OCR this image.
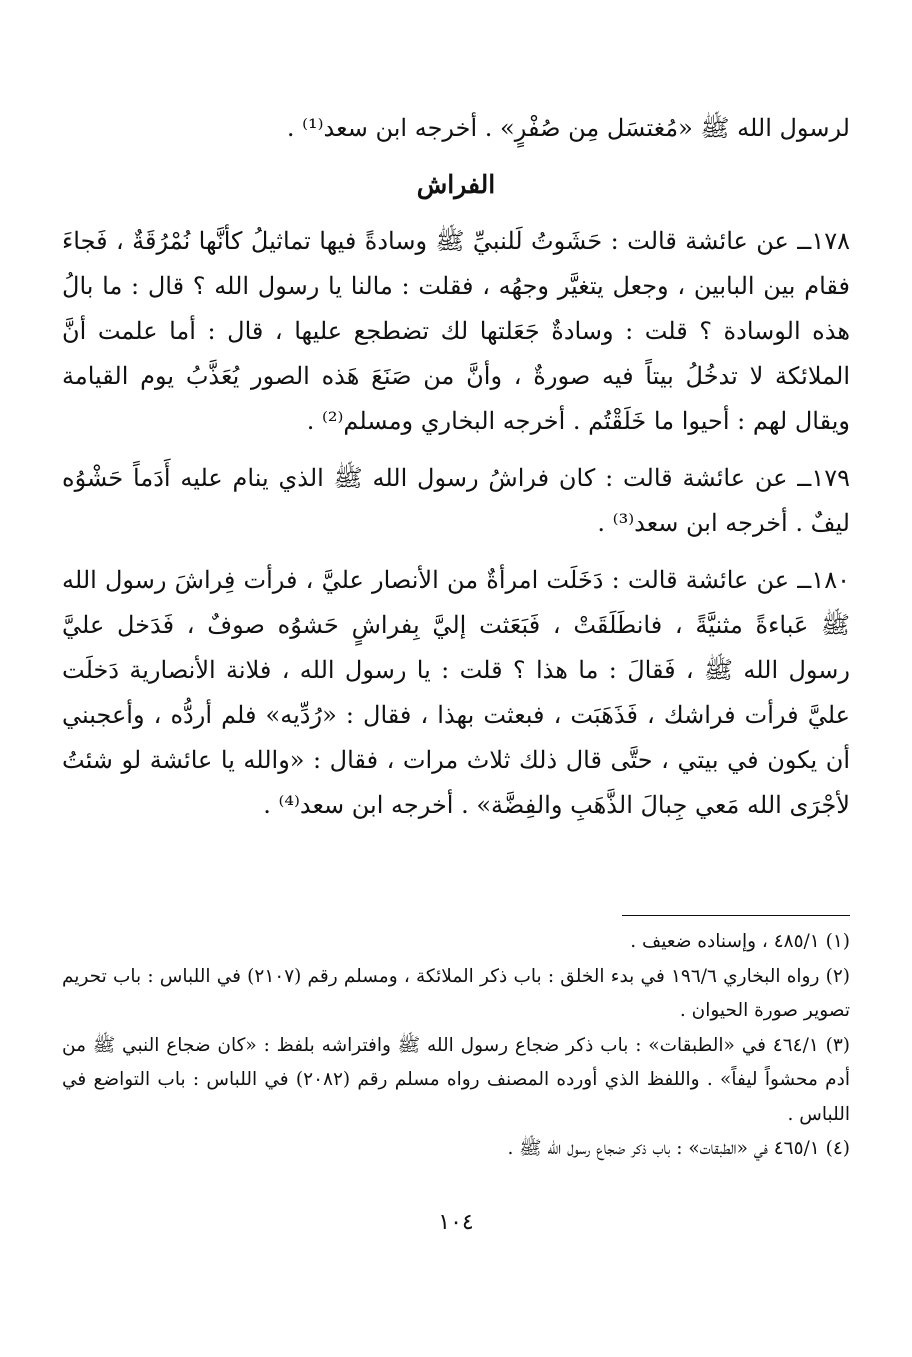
لرسول الله ﷺ «مُغتسَل مِن صُفْرٍ» . أخرجه ابن سعد⁽¹⁾ .

الفراش

١٧٨ــ عن عائشة قالت : حَشَوتُ لَلنبيِّ ﷺ وسادةً فيها تماثيلُ كأنَّها نُمْرُقَةٌ ، فَجاءَ فقام بين البابين ، وجعل يتغيَّر وجهُه ، فقلت : مالنا يا رسول الله ؟ قال : ما بالُ هذه الوسادة ؟ قلت : وسادةٌ جَعَلتها لك تضطجع عليها ، قال : أما علمت أنَّ الملائكة لا تدخُلُ بيتاً فيه صورةٌ ، وأنَّ من صَنَعَ هَذه الصور يُعَذَّبُ يوم القيامة ويقال لهم : أحيوا ما خَلَقْتُم . أخرجه البخاري ومسلم⁽²⁾ .

١٧٩ــ عن عائشة قالت : كان فراشُ رسول الله ﷺ الذي ينام عليه أَدَماً حَشْوُه ليفٌ . أخرجه ابن سعد⁽³⁾ .

١٨٠ــ عن عائشة قالت : دَخَلَت امرأةٌ من الأنصار عليَّ ، فرأت فِراشَ رسول الله ﷺ عَباءةً مثنيَّةً ، فانطَلَقَتْ ، فَبَعَثت إليَّ بِفراشٍ حَشوُه صوفٌ ، فَدَخل عليَّ رسول الله ﷺ ، فَقالَ : ما هذا ؟ قلت : يا رسول الله ، فلانة الأنصارية دَخلَت عليَّ فرأت فراشك ، فَذَهَبَت ، فبعثت بهذا ، فقال : «رُدِّيه» فلم أردُّه ، وأعجبني أن يكون في بيتي ، حتَّى قال ذلك ثلاث مرات ، فقال : «والله يا عائشة لو شئتُ لأجْرَى الله مَعي جِبالَ الذَّهَبِ والفِضَّة» . أخرجه ابن سعد⁽⁴⁾ .

(١) ٤٨٥/١ ، وإسناده ضعيف .

(٢) رواه البخاري ١٩٦/٦ في بدء الخلق : باب ذكر الملائكة ، ومسلم رقم (٢١٠٧) في اللباس : باب تحريم تصوير صورة الحيوان .

(٣) ٤٦٤/١ في «الطبقات» : باب ذكر ضجاع رسول الله ﷺ وافتراشه بلفظ : «كان ضجاع النبي ﷺ من أدم محشواً ليفاً» . واللفظ الذي أورده المصنف رواه مسلم رقم (٢٠٨٢) في اللباس : باب التواضع في اللباس .

(٤) ٤٦٥/١ في «الطبقات» : باب ذكر ضجاع رسول الله ﷺ .

١٠٤
